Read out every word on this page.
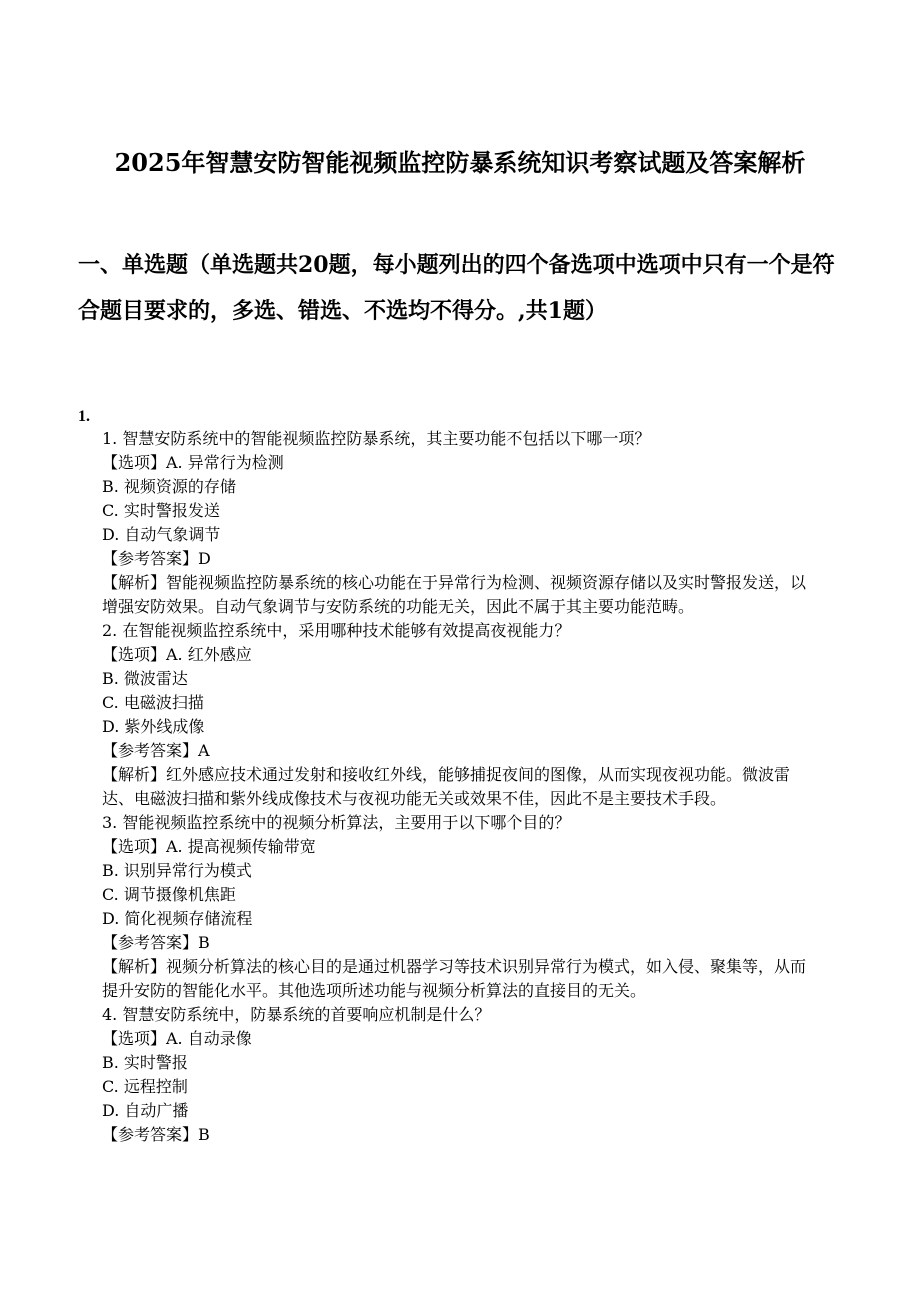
2025年智慧安防智能视频监控防暴系统知识考察试题及答案解析
一、单选题（单选题共20题，每小题列出的四个备选项中选项中只有一个是符合题目要求的，多选、错选、不选均不得分。,共1题）
1.

1. 智慧安防系统中的智能视频监控防暴系统，其主要功能不包括以下哪一项？

【选项】A. 异常行为检测

B. 视频资源的存储

C. 实时警报发送

D. 自动气象调节

【参考答案】D

【解析】智能视频监控防暴系统的核心功能在于异常行为检测、视频资源存储以及实时警报发送，以增强安防效果。自动气象调节与安防系统的功能无关，因此不属于其主要功能范畴。

2. 在智能视频监控系统中，采用哪种技术能够有效提高夜视能力？

【选项】A. 红外感应

B. 微波雷达

C. 电磁波扫描

D. 紫外线成像

【参考答案】A

【解析】红外感应技术通过发射和接收红外线，能够捕捉夜间的图像，从而实现夜视功能。微波雷达、电磁波扫描和紫外线成像技术与夜视功能无关或效果不佳，因此不是主要技术手段。

3. 智能视频监控系统中的视频分析算法，主要用于以下哪个目的？

【选项】A. 提高视频传输带宽

B. 识别异常行为模式

C. 调节摄像机焦距

D. 简化视频存储流程

【参考答案】B

【解析】视频分析算法的核心目的是通过机器学习等技术识别异常行为模式，如入侵、聚集等，从而提升安防的智能化水平。其他选项所述功能与视频分析算法的直接目的无关。

4. 智慧安防系统中，防暴系统的首要响应机制是什么？

【选项】A. 自动录像

B. 实时警报

C. 远程控制

D. 自动广播

【参考答案】B
